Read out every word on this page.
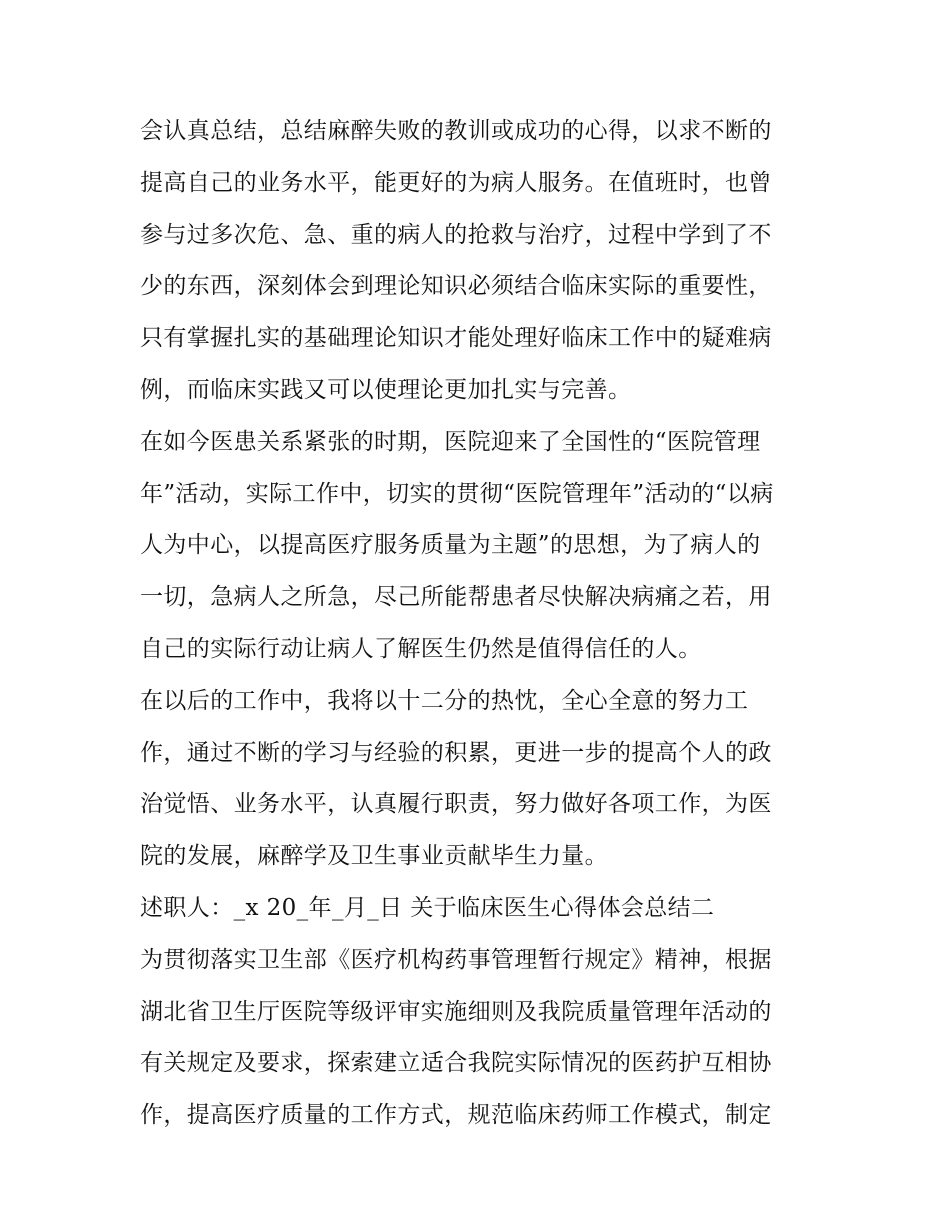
会认真总结，总结麻醉失败的教训或成功的心得，以求不断的
提高自己的业务水平，能更好的为病人服务。在值班时，也曾
参与过多次危、急、重的病人的抢救与治疗，过程中学到了不
少的东西，深刻体会到理论知识必须结合临床实际的重要性，
只有掌握扎实的基础理论知识才能处理好临床工作中的疑难病
例，而临床实践又可以使理论更加扎实与完善。
在如今医患关系紧张的时期，医院迎来了全国性的“医院管理
年”活动，实际工作中，切实的贯彻“医院管理年”活动的“以病
人为中心，以提高医疗服务质量为主题”的思想，为了病人的
一切，急病人之所急，尽己所能帮患者尽快解决病痛之若，用
自己的实际行动让病人了解医生仍然是值得信任的人。
在以后的工作中，我将以十二分的热忱，全心全意的努力工
作，通过不断的学习与经验的积累，更进一步的提高个人的政
治觉悟、业务水平，认真履行职责，努力做好各项工作，为医
院的发展，麻醉学及卫生事业贡献毕生力量。
述职人：_x 20_年_月_日 关于临床医生心得体会总结二
为贯彻落实卫生部《医疗机构药事管理暂行规定》精神，根据
湖北省卫生厅医院等级评审实施细则及我院质量管理年活动的
有关规定及要求，探索建立适合我院实际情况的医药护互相协
作，提高医疗质量的工作方式，规范临床药师工作模式，制定
